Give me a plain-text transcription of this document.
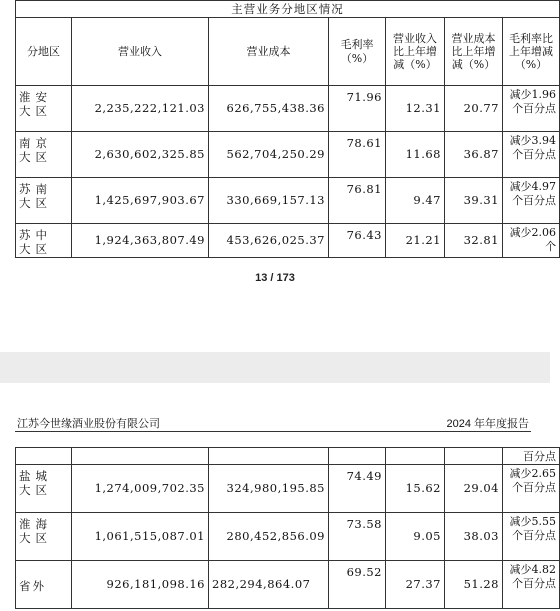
主营业务分地区情况						
分地区	营业收入	营业成本	毛利率（%）	营业收入比上年增减（%）	营业成本比上年增减（%）	毛利率比上年增减（%）
淮安大区	2,235,222,121.03	626,755,438.36	71.96	12.31	20.77	减少1.96个百分点
南京大区	2,630,602,325.85	562,704,250.29	78.61	11.68	36.87	减少3.94个百分点
苏南大区	1,425,697,903.67	330,669,157.13	76.81	9.47	39.31	减少4.97个百分点
苏中大区	1,924,363,807.49	453,626,025.37	76.43	21.21	32.81	减少2.06个
13 / 173
江苏今世缘酒业股份有限公司	2024 年年度报告
						百分点
盐城大区	1,274,009,702.35	324,980,195.85	74.49	15.62	29.04	减少2.65个百分点
淮海大区	1,061,515,087.01	280,452,856.09	73.58	9.05	38.03	减少5.55个百分点
省外	926,181,098.16	282,294,864.07	69.52	27.37	51.28	减少4.82个百分点
